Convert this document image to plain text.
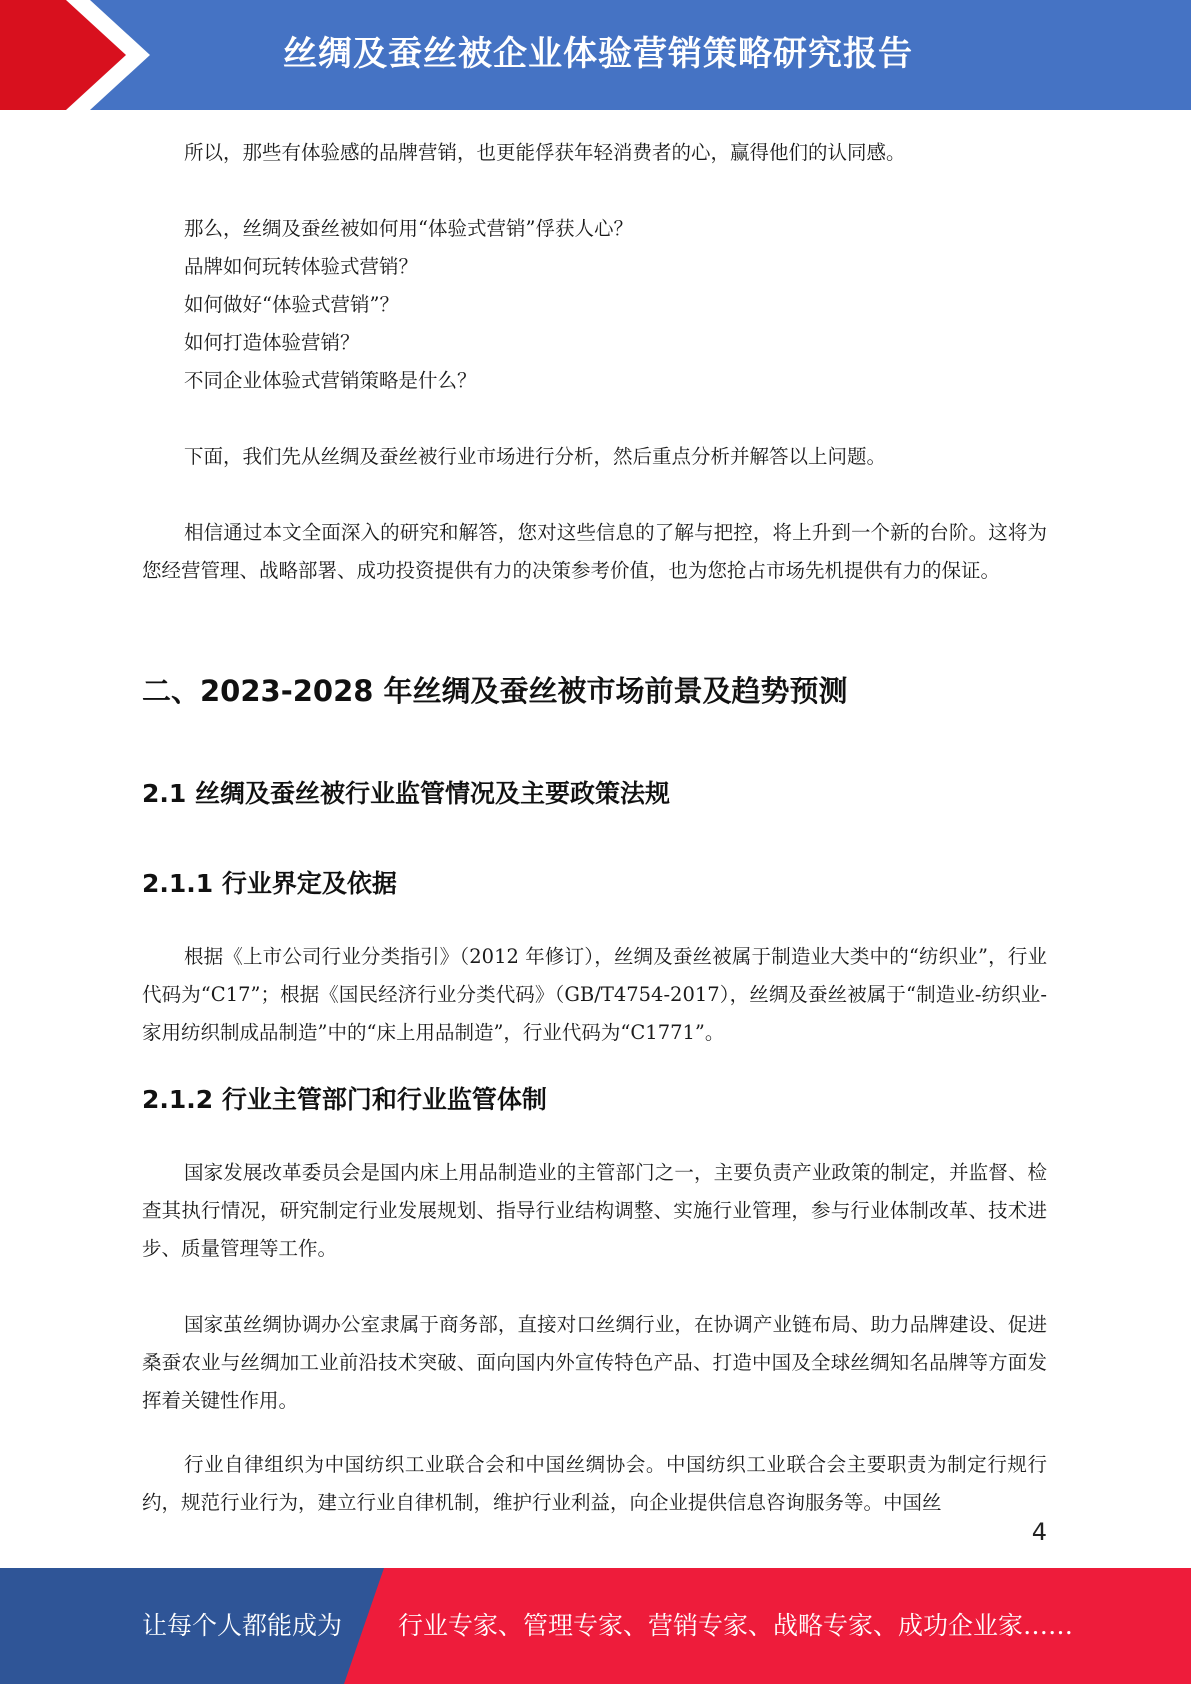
丝绸及蚕丝被企业体验营销策略研究报告

所以，那些有体验感的品牌营销，也更能俘获年轻消费者的心，赢得他们的认同感。

那么，丝绸及蚕丝被如何用“体验式营销”俘获人心？

品牌如何玩转体验式营销？

如何做好“体验式营销”？

如何打造体验营销？

不同企业体验式营销策略是什么？

下面，我们先从丝绸及蚕丝被行业市场进行分析，然后重点分析并解答以上问题。

相信通过本文全面深入的研究和解答，您对这些信息的了解与把控，将上升到一个新的台阶。这将为您经营管理、战略部署、成功投资提供有力的决策参考价值，也为您抢占市场先机提供有力的保证。

二、2023-2028 年丝绸及蚕丝被市场前景及趋势预测
2.1 丝绸及蚕丝被行业监管情况及主要政策法规
2.1.1 行业界定及依据

根据《上市公司行业分类指引》（2012 年修订），丝绸及蚕丝被属于制造业大类中的“纺织业”，行业代码为“C17”；根据《国民经济行业分类代码》（GB/T4754-2017），丝绸及蚕丝被属于“制造业-纺织业-家用纺织制成品制造”中的“床上用品制造”，行业代码为“C1771”。

2.1.2 行业主管部门和行业监管体制

国家发展改革委员会是国内床上用品制造业的主管部门之一，主要负责产业政策的制定，并监督、检查其执行情况，研究制定行业发展规划、指导行业结构调整、实施行业管理，参与行业体制改革、技术进步、质量管理等工作。

国家茧丝绸协调办公室隶属于商务部，直接对口丝绸行业，在协调产业链布局、助力品牌建设、促进桑蚕农业与丝绸加工业前沿技术突破、面向国内外宣传特色产品、打造中国及全球丝绸知名品牌等方面发挥着关键性作用。

行业自律组织为中国纺织工业联合会和中国丝绸协会。中国纺织工业联合会主要职责为制定行规行约，规范行业行为，建立行业自律机制，维护行业利益，向企业提供信息咨询服务等。中国丝

4
让每个人都能成为 行业专家、管理专家、营销专家、战略专家、成功企业家……
